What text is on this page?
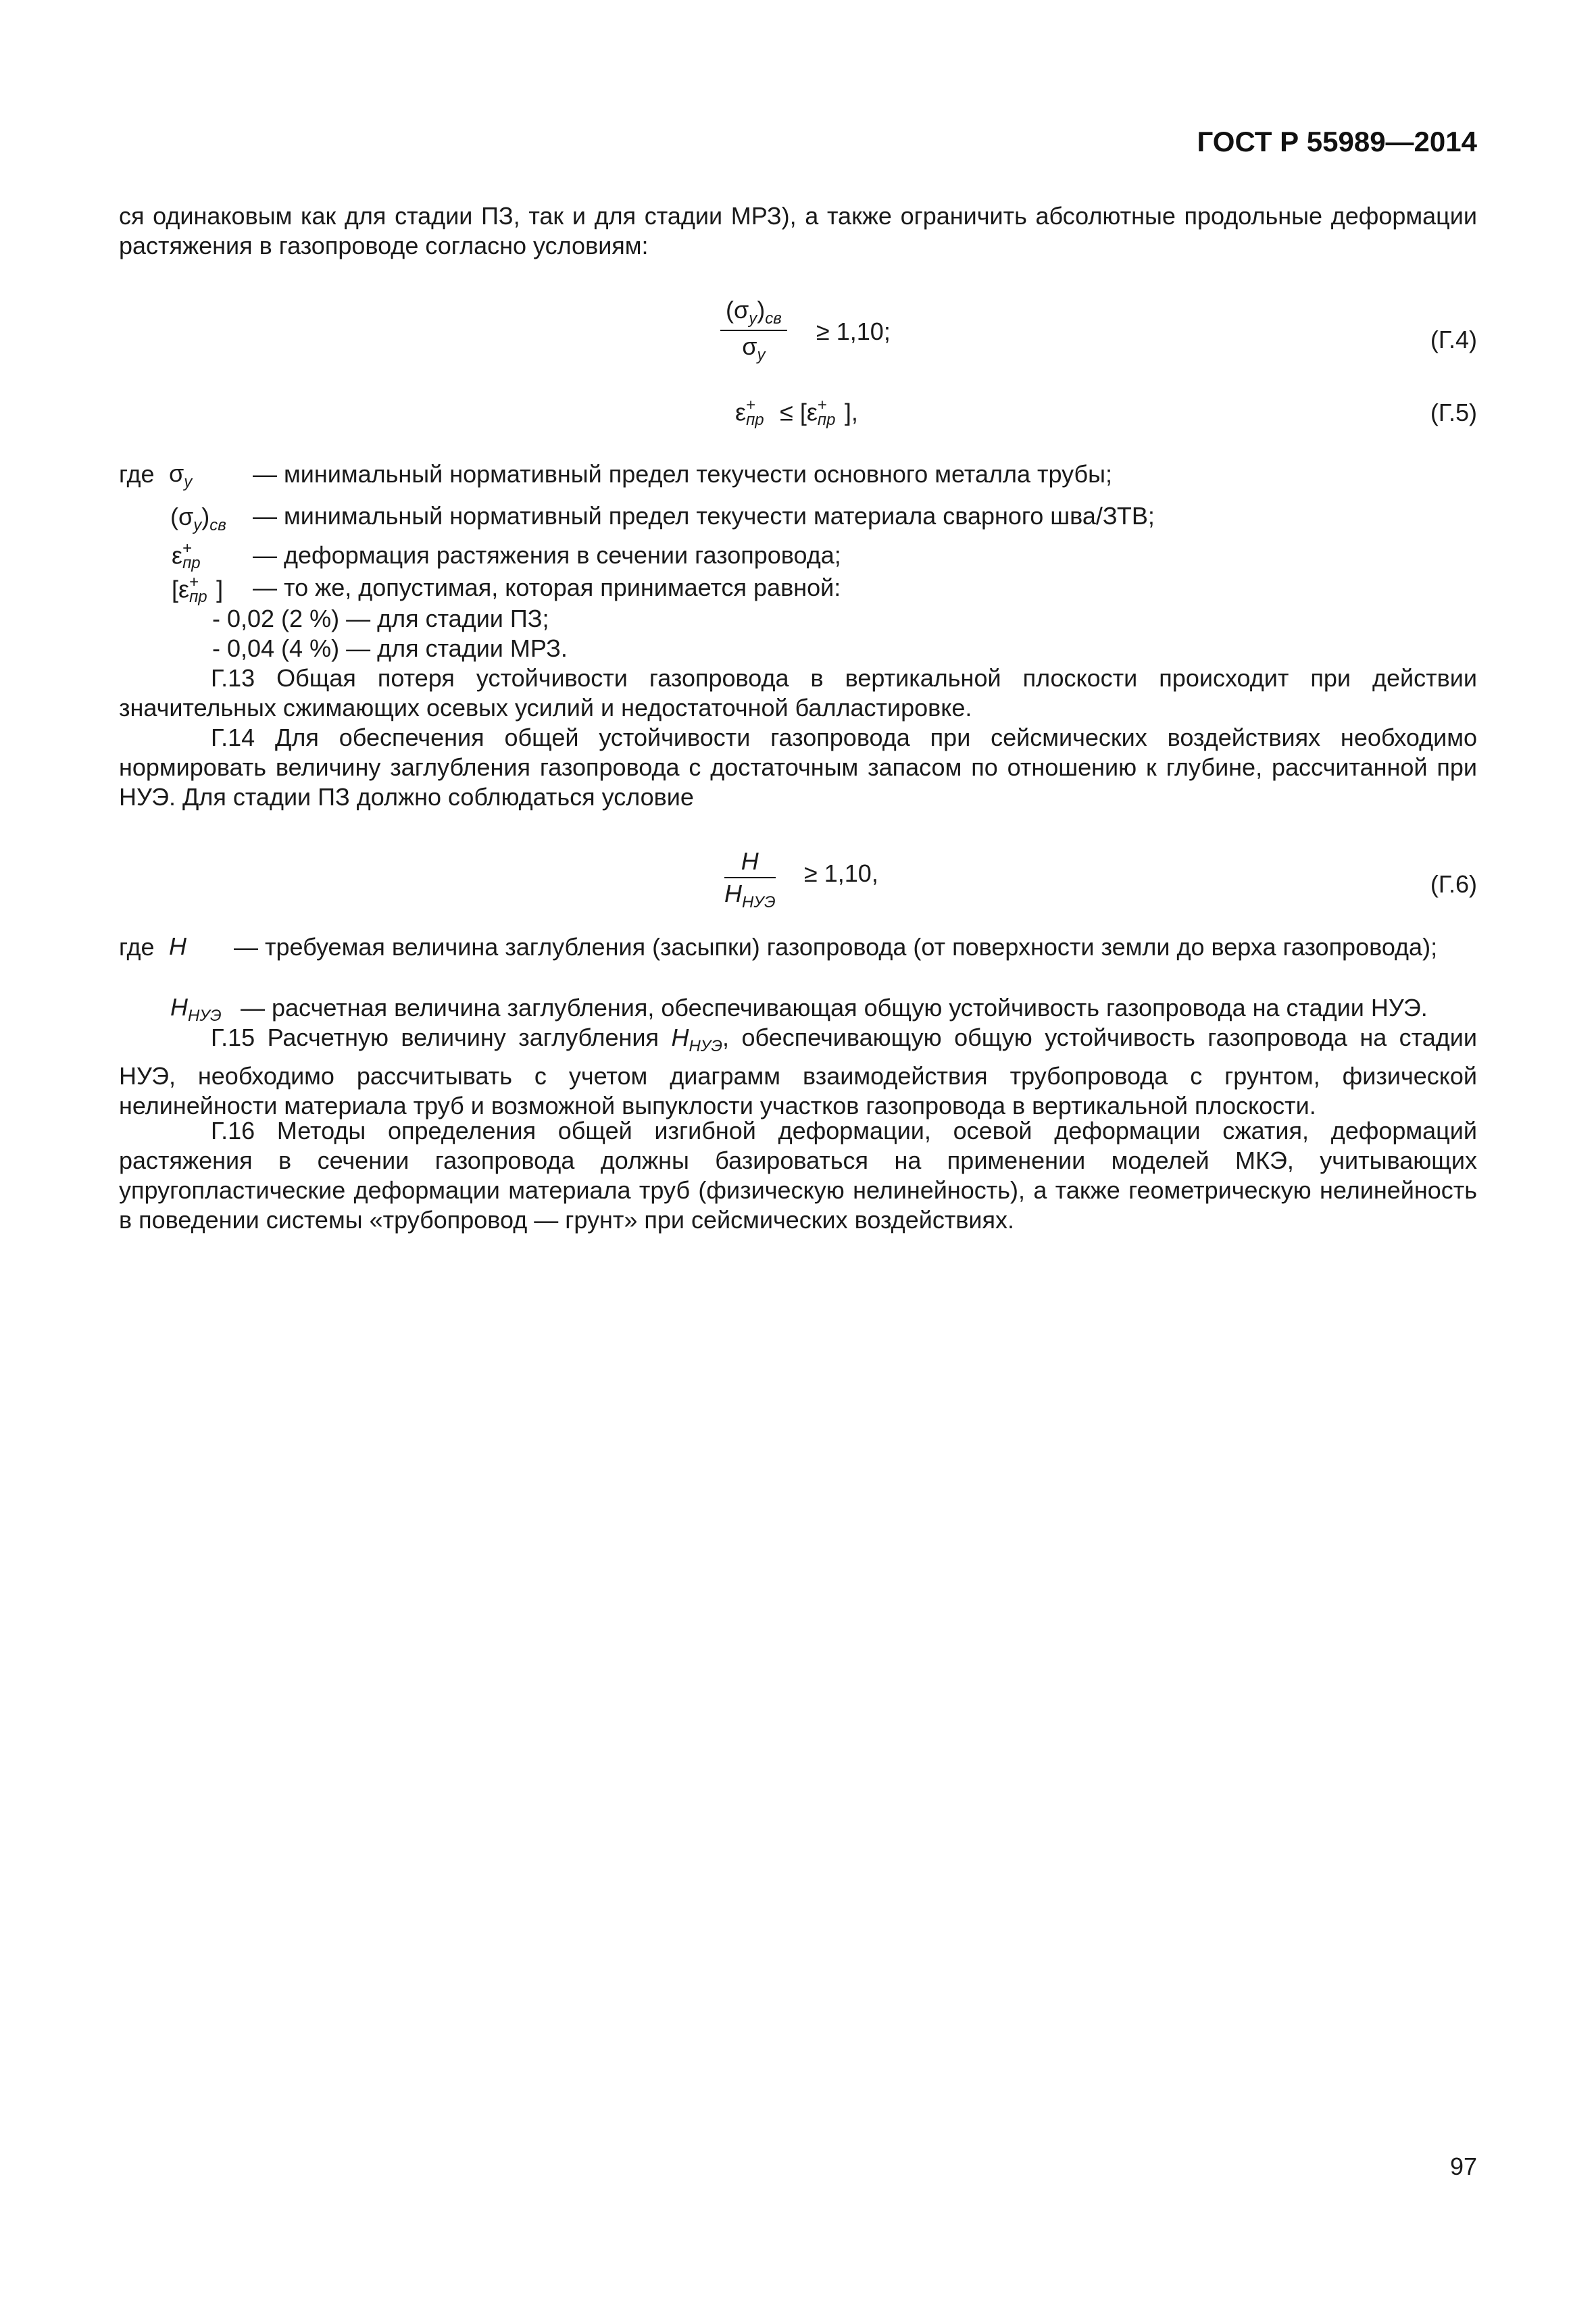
ГОСТ Р 55989—2014

ся одинаковым как для стадии ПЗ, так и для стадии МРЗ), а также ограничить абсолютные продольные деформации растяжения в газопроводе согласно условиям:

$(\sigma_y)_{св}$
$\sigma_y$
≥ 1,10;	(Г.4)
ε +
пр ≤ [ε +
пр ],	(Г.5)
где $\sigma_y$ — минимальный нормативный предел текучести основного металла трубы;
$(\sigma_y)_{св}$ — минимальный нормативный предел текучести материала сварного шва/ЗТВ;
ε +
пр — деформация растяжения в сечении газопровода;
[ε +
пр ] — то же, допустимая, которая принимается равной:
- 0,02 (2 %) — для стадии ПЗ;
- 0,04 (4 %) — для стадии МРЗ.

Г.13 Общая потеря устойчивости газопровода в вертикальной плоскости происходит при действии значительных сжимающих осевых усилий и недостаточной балластировке.

Г.14 Для обеспечения общей устойчивости газопровода при сейсмических воздействиях необходимо нормировать величину заглубления газопровода с достаточным запасом по отношению к глубине, рассчитанной при НУЭ. Для стадии ПЗ должно соблюдаться условие

H
$H_{НУЭ}$
≥ 1,10,	(Г.6)
где H — требуемая величина заглубления (засыпки) газопровода (от поверхности земли до верха газопровода);
$H_{НУЭ}$ — расчетная величина заглубления, обеспечивающая общую устойчивость газопровода на стадии НУЭ.

Г.15 Расчетную величину заглубления $H_{НУЭ}$, обеспечивающую общую устойчивость газопровода на стадии НУЭ, необходимо рассчитывать с учетом диаграмм взаимодействия трубопровода с грунтом, физической нелинейности материала труб и возможной выпуклости участков газопровода в вертикальной плоскости.

Г.16 Методы определения общей изгибной деформации, осевой деформации сжатия, деформаций растяжения в сечении газопровода должны базироваться на применении моделей МКЭ, учитывающих упругопластические деформации материала труб (физическую нелинейность), а также геометрическую нелинейность в поведении системы «трубопровод — грунт» при сейсмических воздействиях.

97
